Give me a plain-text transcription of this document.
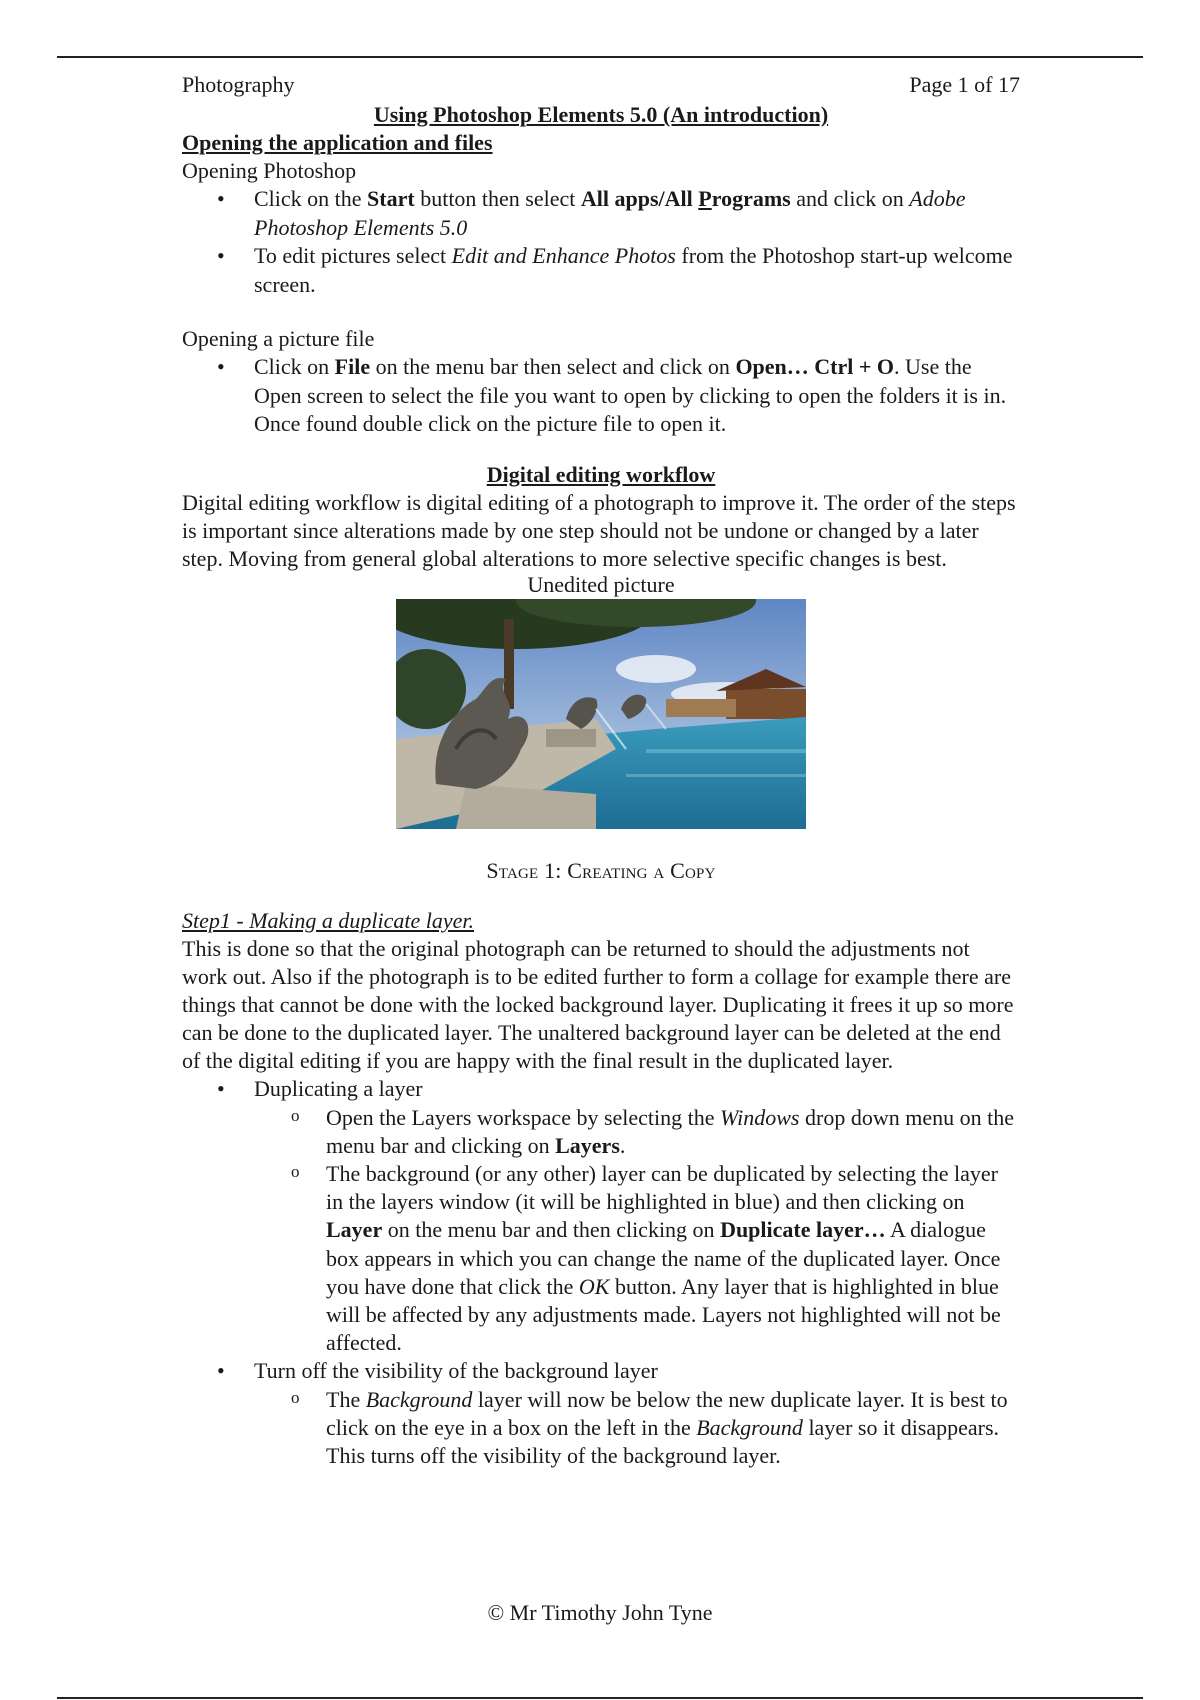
Photography	Page 1 of 17
Using Photoshop Elements 5.0 (An introduction)
Opening the application and files
Opening Photoshop
• Click on the Start button then select All apps/All Programs and click on Adobe Photoshop Elements 5.0
• To edit pictures select Edit and Enhance Photos from the Photoshop start-up welcome screen.
Opening a picture file
• Click on File on the menu bar then select and click on Open… Ctrl + O. Use the Open screen to select the file you want to open by clicking to open the folders it is in. Once found double click on the picture file to open it.
Digital editing workflow
Digital editing workflow is digital editing of a photograph to improve it. The order of the steps is important since alterations made by one step should not be undone or changed by a later step. Moving from general global alterations to more selective specific changes is best.
Unedited picture
Stage 1: Creating a Copy
Step1 - Making a duplicate layer.
This is done so that the original photograph can be returned to should the adjustments not work out. Also if the photograph is to be edited further to form a collage for example there are things that cannot be done with the locked background layer. Duplicating it frees it up so more can be done to the duplicated layer. The unaltered background layer can be deleted at the end of the digital editing if you are happy with the final result in the duplicated layer.
• Duplicating a layer
o Open the Layers workspace by selecting the Windows drop down menu on the menu bar and clicking on Layers.
o The background (or any other) layer can be duplicated by selecting the layer in the layers window (it will be highlighted in blue) and then clicking on Layer on the menu bar and then clicking on Duplicate layer… A dialogue box appears in which you can change the name of the duplicated layer. Once you have done that click the OK button. Any layer that is highlighted in blue will be affected by any adjustments made. Layers not highlighted will not be affected.
• Turn off the visibility of the background layer
o The Background layer will now be below the new duplicate layer. It is best to click on the eye in a box on the left in the Background layer so it disappears. This turns off the visibility of the background layer.
© Mr Timothy John Tyne
